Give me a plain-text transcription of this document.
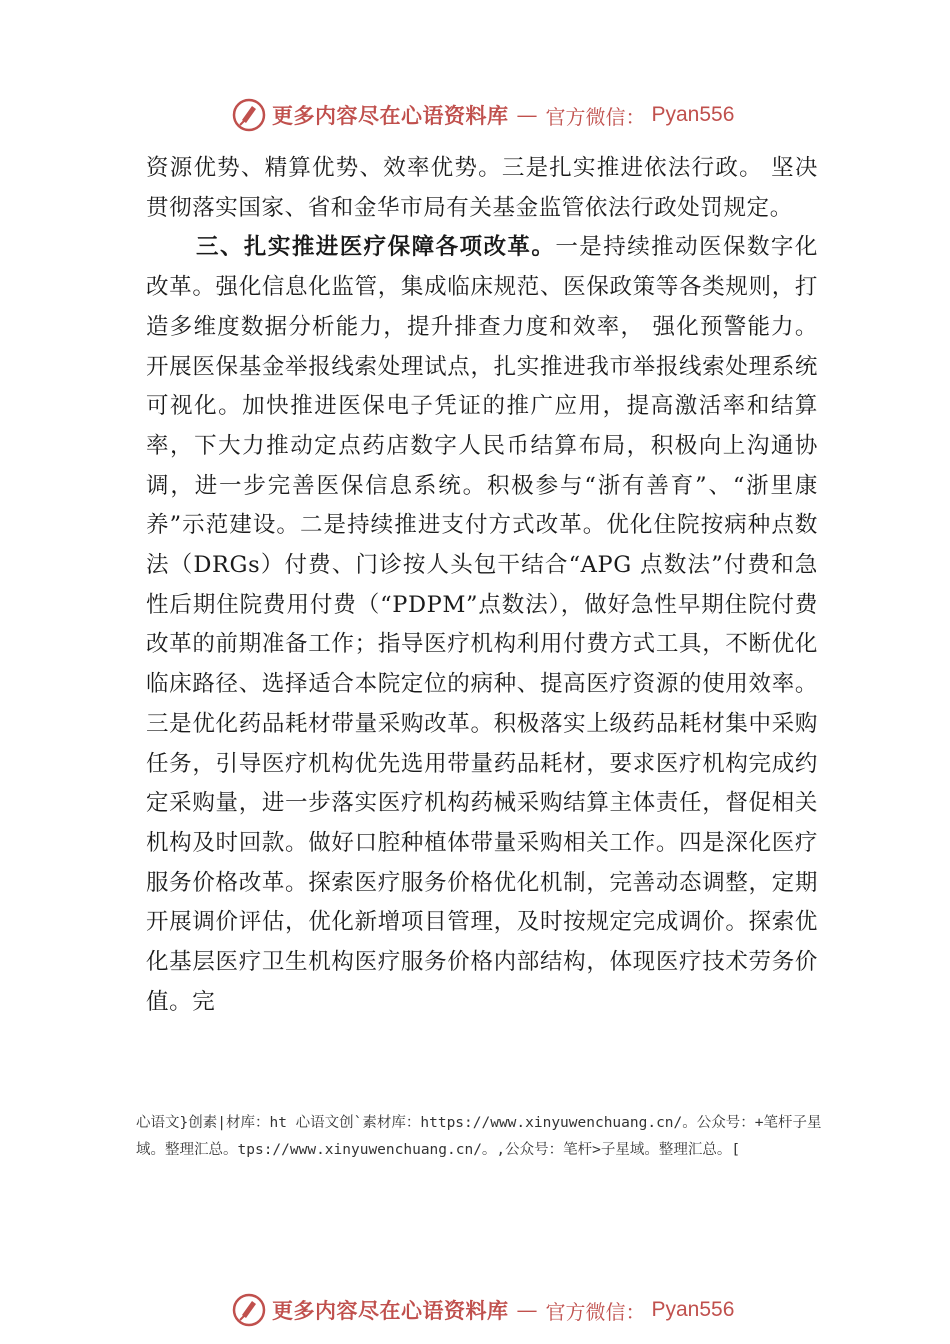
更多内容尽在心语资料库 — 官方微信： Pyan556

资源优势、精算优势、效率优势。三是扎实推进依法行政。 坚决贯彻落实国家、省和金华市局有关基金监管依法行政处罚规定。

三、扎实推进医疗保障各项改革。一是持续推动医保数字化改革。强化信息化监管，集成临床规范、医保政策等各类规则，打造多维度数据分析能力，提升排查力度和效率， 强化预警能力。开展医保基金举报线索处理试点，扎实推进我市举报线索处理系统可视化。加快推进医保电子凭证的推广应用，提高激活率和结算率，下大力推动定点药店数字人民币结算布局，积极向上沟通协调，进一步完善医保信息系统。积极参与“浙有善育”、“浙里康养”示范建设。二是持续推进支付方式改革。优化住院按病种点数法（DRGs）付费、门诊按人头包干结合“APG 点数法”付费和急性后期住院费用付费（“PDPM”点数法），做好急性早期住院付费改革的前期准备工作；指导医疗机构利用付费方式工具，不断优化临床路径、选择适合本院定位的病种、提高医疗资源的使用效率。三是优化药品耗材带量采购改革。积极落实上级药品耗材集中采购任务，引导医疗机构优先选用带量药品耗材，要求医疗机构完成约定采购量，进一步落实医疗机构药械采购结算主体责任，督促相关机构及时回款。做好口腔种植体带量采购相关工作。四是深化医疗服务价格改革。探索医疗服务价格优化机制，完善动态调整，定期开展调价评估，优化新增项目管理，及时按规定完成调价。探索优化基层医疗卫生机构医疗服务价格内部结构，体现医疗技术劳务价值。完

心语文}创素|材库：ht 心语文创`素材库：https://www.xinyuwenchuang.cn/。公众号：+笔杆子星域。整理汇总。tps://www.xinyuwenchuang.cn/。,公众号：笔杆>子星域。整理汇总。[
更多内容尽在心语资料库 — 官方微信： Pyan556
